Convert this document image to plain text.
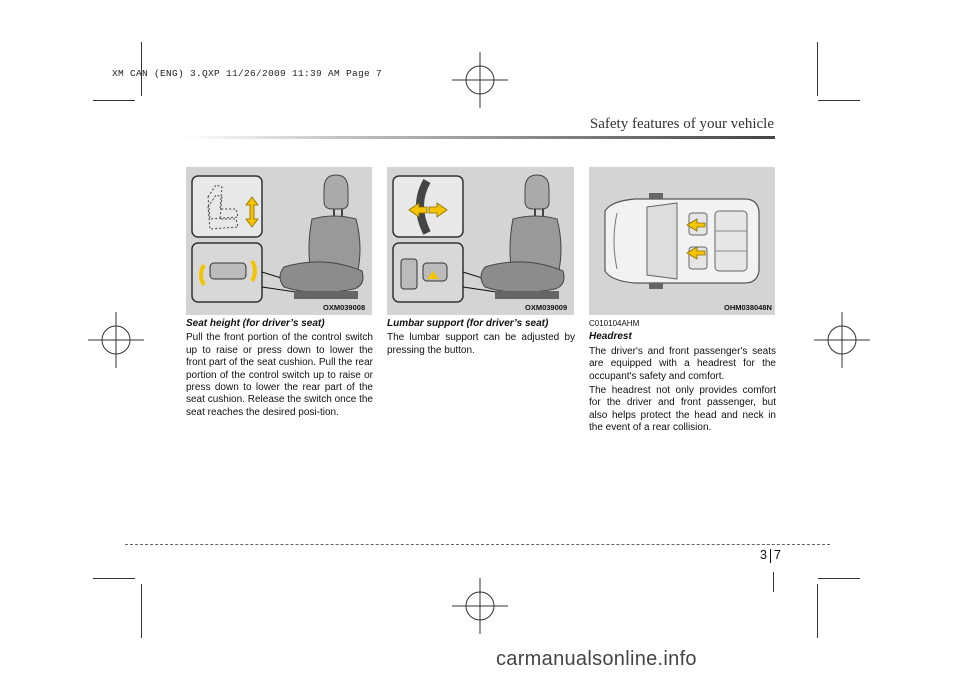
XM CAN (ENG) 3.QXP 11/26/2009 11:39 AM Page 7
Safety features of your vehicle
OXM039008	OXM039009	OHM038048N

Seat height (for driver’s seat)

Pull the front portion of the control switch up to raise or press down to lower the front part of the seat cushion. Pull the rear portion of the control switch up to raise or press down to lower the rear part of the seat cushion. Release the switch once the seat reaches the desired posi-tion.

Lumbar support (for driver’s seat)

The lumbar support can be adjusted by pressing the button.

C010104AHM

Headrest

The driver's and front passenger's seats are equipped with a headrest for the occupant's safety and comfort.

The headrest not only provides comfort for the driver and front passenger, but also helps protect the head and neck in the event of a rear collision.

3 7
carmanualsonline.info
